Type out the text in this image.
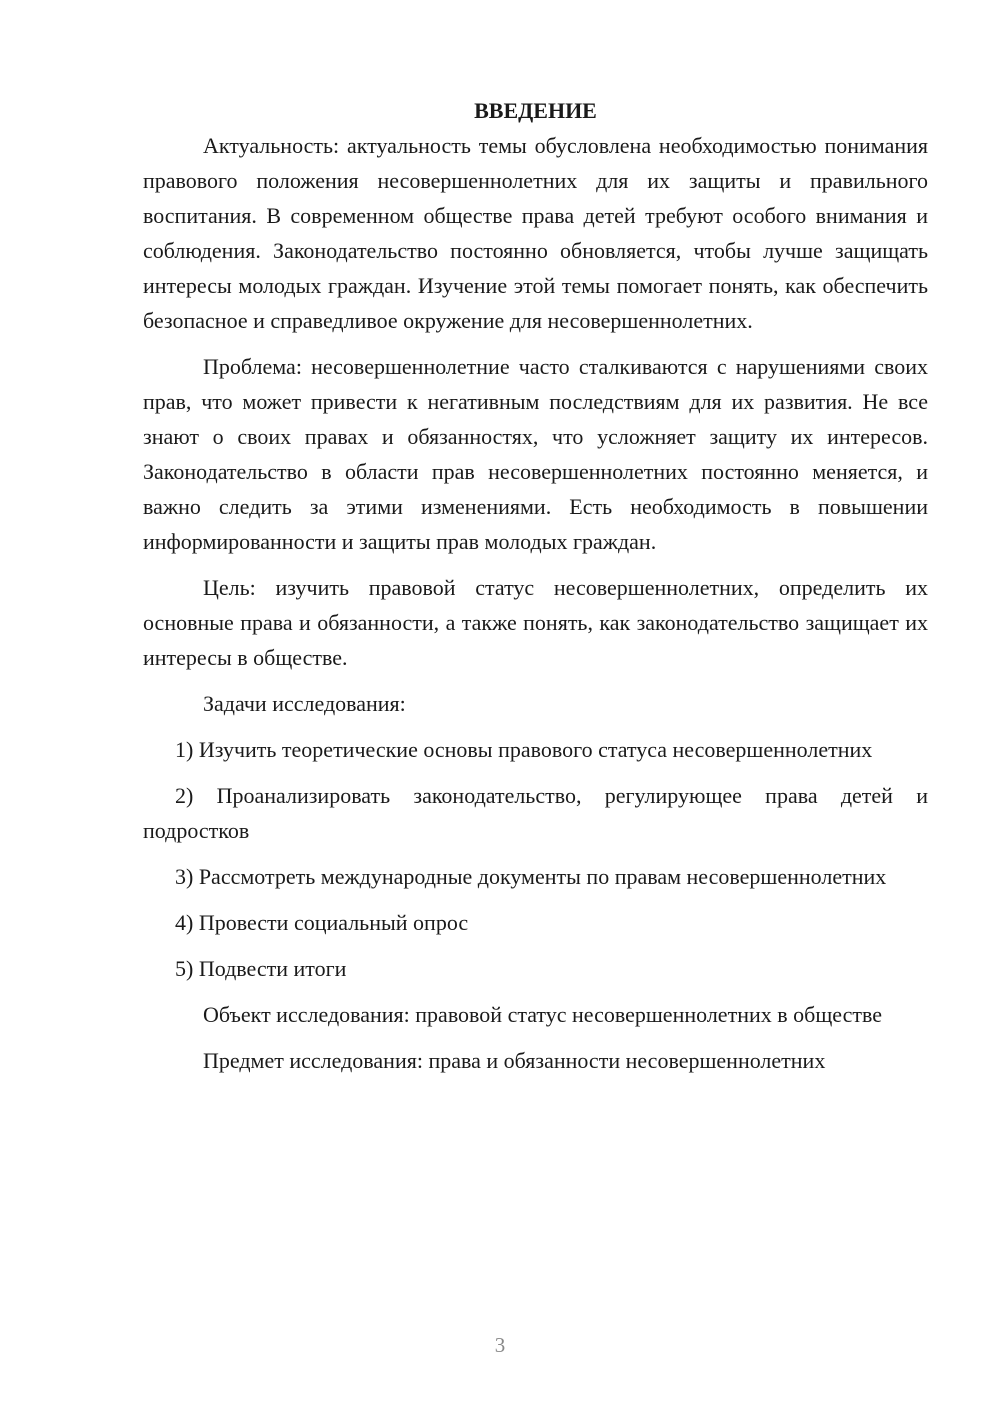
ВВЕДЕНИЕ

Актуальность: актуальность темы обусловлена необходимостью понимания правового положения несовершеннолетних для их защиты и правильного воспитания. В современном обществе права детей требуют особого внимания и соблюдения. Законодательство постоянно обновляется, чтобы лучше защищать интересы молодых граждан. Изучение этой темы помогает понять, как обеспечить безопасное и справедливое окружение для несовершеннолетних.

Проблема: несовершеннолетние часто сталкиваются с нарушениями своих прав, что может привести к негативным последствиям для их развития. Не все знают о своих правах и обязанностях, что усложняет защиту их интересов. Законодательство в области прав несовершеннолетних постоянно меняется, и важно следить за этими изменениями. Есть необходимость в повышении информированности и защиты прав молодых граждан.

Цель: изучить правовой статус несовершеннолетних, определить их основные права и обязанности, а также понять, как законодательство защищает их интересы в обществе.

Задачи исследования:

1) Изучить теоретические основы правового статуса несовершеннолетних

2) Проанализировать законодательство, регулирующее права детей и подростков

3) Рассмотреть международные документы по правам несовершеннолетних

4) Провести социальный опрос

5) Подвести итоги

Объект исследования: правовой статус несовершеннолетних в обществе

Предмет исследования: права и обязанности несовершеннолетних

3
